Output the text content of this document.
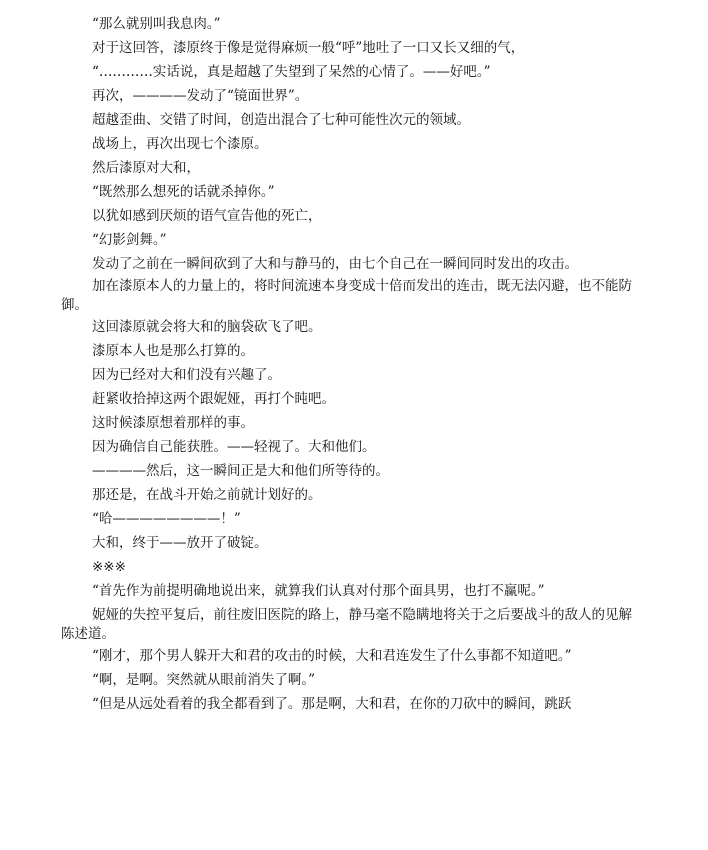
“那么就别叫我息肉。”

对于这回答，漆原终于像是觉得麻烦一般“呼”地吐了一口又长又细的气，

“…………实话说，真是超越了失望到了呆然的心情了。——好吧。”

再次，————发动了“镜面世界”。

超越歪曲、交错了时间，创造出混合了七种可能性次元的领域。

战场上，再次出现七个漆原。

然后漆原对大和，

“既然那么想死的话就杀掉你。”

以犹如感到厌烦的语气宣告他的死亡，

“幻影剑舞。”

发动了之前在一瞬间砍到了大和与静马的，由七个自己在一瞬间同时发出的攻击。

加在漆原本人的力量上的，将时间流速本身变成十倍而发出的连击，既无法闪避，也不能防御。

这回漆原就会将大和的脑袋砍飞了吧。

漆原本人也是那么打算的。

因为已经对大和们没有兴趣了。

赶紧收拾掉这两个跟妮娅，再打个盹吧。

这时候漆原想着那样的事。

因为确信自己能获胜。——轻视了。大和他们。

————然后，这一瞬间正是大和他们所等待的。

那还是，在战斗开始之前就计划好的。

“哈————————！”

大和，终于——放开了破锭。

※※※

“首先作为前提明确地说出来，就算我们认真对付那个面具男，也打不赢呢。”

妮娅的失控平复后，前往废旧医院的路上，静马毫不隐瞒地将关于之后要战斗的敌人的见解陈述道。

“刚才，那个男人躲开大和君的攻击的时候，大和君连发生了什么事都不知道吧。”

“啊，是啊。突然就从眼前消失了啊。”

“但是从远处看着的我全都看到了。那是啊，大和君，在你的刀砍中的瞬间，跳跃
